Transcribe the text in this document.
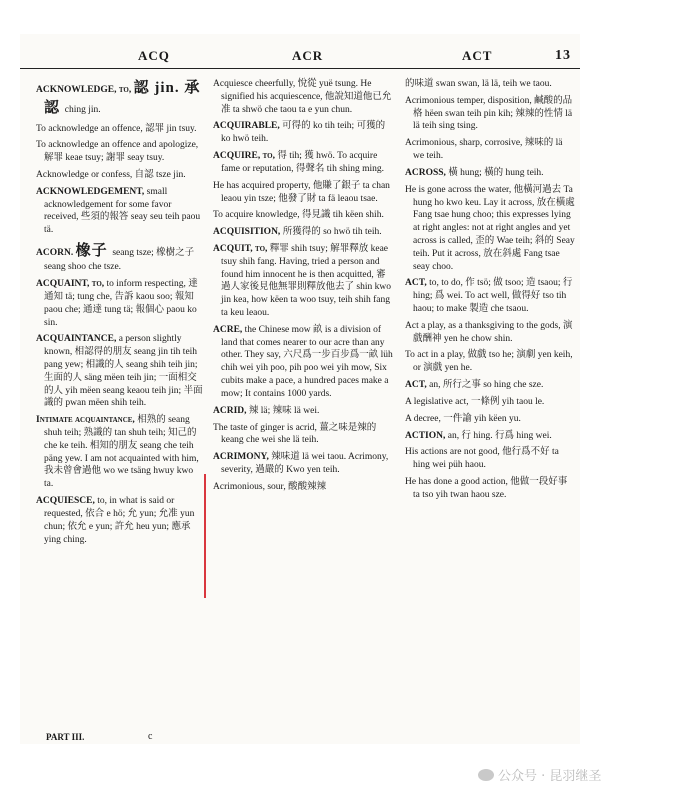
ACQ	ACR	ACT	13
ACKNOWLEDGE, to, 認 jin. 承認 ching jin.
To acknowledge an offence, 認罪 jin tsuy.
To acknowledge an offence and apologize, 解罪 keae tsuy; 謝罪 seay tsuy.
Acknowledge or confess, 自認 tsze jin.
ACKNOWLEDGEMENT, small acknowledgement for some favor received, 些須的報答 seay seu teih paou tä.
ACORN. 橡子 seang tsze; 橡樹之子 seang shoo che tsze.
ACQUAINT, to, to inform respecting, 達通知 tä; tung che, 告訴 kaou soo; 報知 paou che; 通達 tung tä; 報個心 paou ko sin.
ACQUAINTANCE, a person slightly known, 相認得的朋友 seang jin tih teih pang yew; 相識的人 seang shih teih jin; 生面的人 säng mëen teih jin; 一面相交的人 yih mëen seang keaou teih jin; 半面識的 pwan mëen shih teih.
Intimate acquaintance, 相熟的 seang shuh teih; 熟識的 tan shuh teih; 知己的 che ke teih. 相知的朋友 seang che teih päng yew. I am not acquainted with him, 我未曾會過他 wo we tsäng hwuy kwo ta.
ACQUIESCE, to, in what is said or requested, 依合 e hö; 允 yun; 允准 yun chun; 依允 e yun; 許允 heu yun; 應承 ying ching.
Acquiesce cheerfully, 悅從 yuë tsung. He signified his acquiescence, 他說知道他已允准 ta shwö che taou ta e yun chun.
ACQUIRABLE, 可得的 ko tih teih; 可獲的 ko hwö teih.
ACQUIRE, to, 得 tih; 獲 hwö. To acquire fame or reputation, 得聲名 tih shing ming.
He has acquired property, 他賺了銀子 ta chan leaou yin tsze; 他發了財 ta fä leaou tsae.
To acquire knowledge, 得見識 tih këen shih.
ACQUISITION, 所獲得的 so hwö tih teih.
ACQUIT, to, 釋罪 shih tsuy; 解罪釋放 keae tsuy shih fang. Having, tried a person and found him innocent he is then acquitted, 審過人家後見他無罪則釋放他去了 shin kwo jin kea, how këen ta woo tsuy, teih shih fang ta keu leaou.
ACRE, the Chinese mow 畝 is a division of land that comes nearer to our acre than any other. They say, 六尺爲一步百步爲一畝 lüh chih wei yih poo, pih poo wei yih mow, Six cubits make a pace, a hundred paces make a mow; It contains 1000 yards.
ACRID, 辣 lä; 辣味 lä wei.
The taste of ginger is acrid, 薑之味是辣的 keang che wei she lä teih.
ACRIMONY, 辣味道 lä wei taou. Acrimony, severity, 過嚴的 Kwo yen teih.
Acrimonious, sour, 酸酸辣辣
的味道 swan swan, lä lä, teih we taou.
Acrimonious temper, disposition, 鹹酸的品格 hëen swan teih pin kih; 辣辣的性情 lä lä teih sing tsing.
Acrimonious, sharp, corrosive, 辣味的 lä we teih.
ACROSS, 橫 hung; 橫的 hung teih.
He is gone across the water, 他橫河過去 Ta hung ho kwo keu. Lay it across, 放在橫處 Fang tsae hung choo; this expresses lying at right angles: not at right angles and yet across is called, 歪的 Wae teih; 斜的 Seay teih. Put it across, 放在斜處 Fang tsae seay choo.
ACT, to, to do, 作 tsö; 做 tsoo; 造 tsaou; 行 hing; 爲 wei. To act well, 做得好 tso tih haou; to make 製造 che tsaou.
Act a play, as a thanksgiving to the gods, 演戲酬神 yen he chow shin.
To act in a play, 做戲 tso he; 演劇 yen keih, or 演戲 yen he.
ACT, an, 所行之事 so hing che sze.
A legislative act, 一條例 yih taou le.
A decree, 一件諭 yih këen yu.
ACTION, an, 行 hing. 行爲 hing wei.
His actions are not good, 他行爲不好 ta hing wei püh haou.
He has done a good action, 他做一段好事 ta tso yih twan haou sze.
PART III.	c
公众号 · 昆羽继圣
